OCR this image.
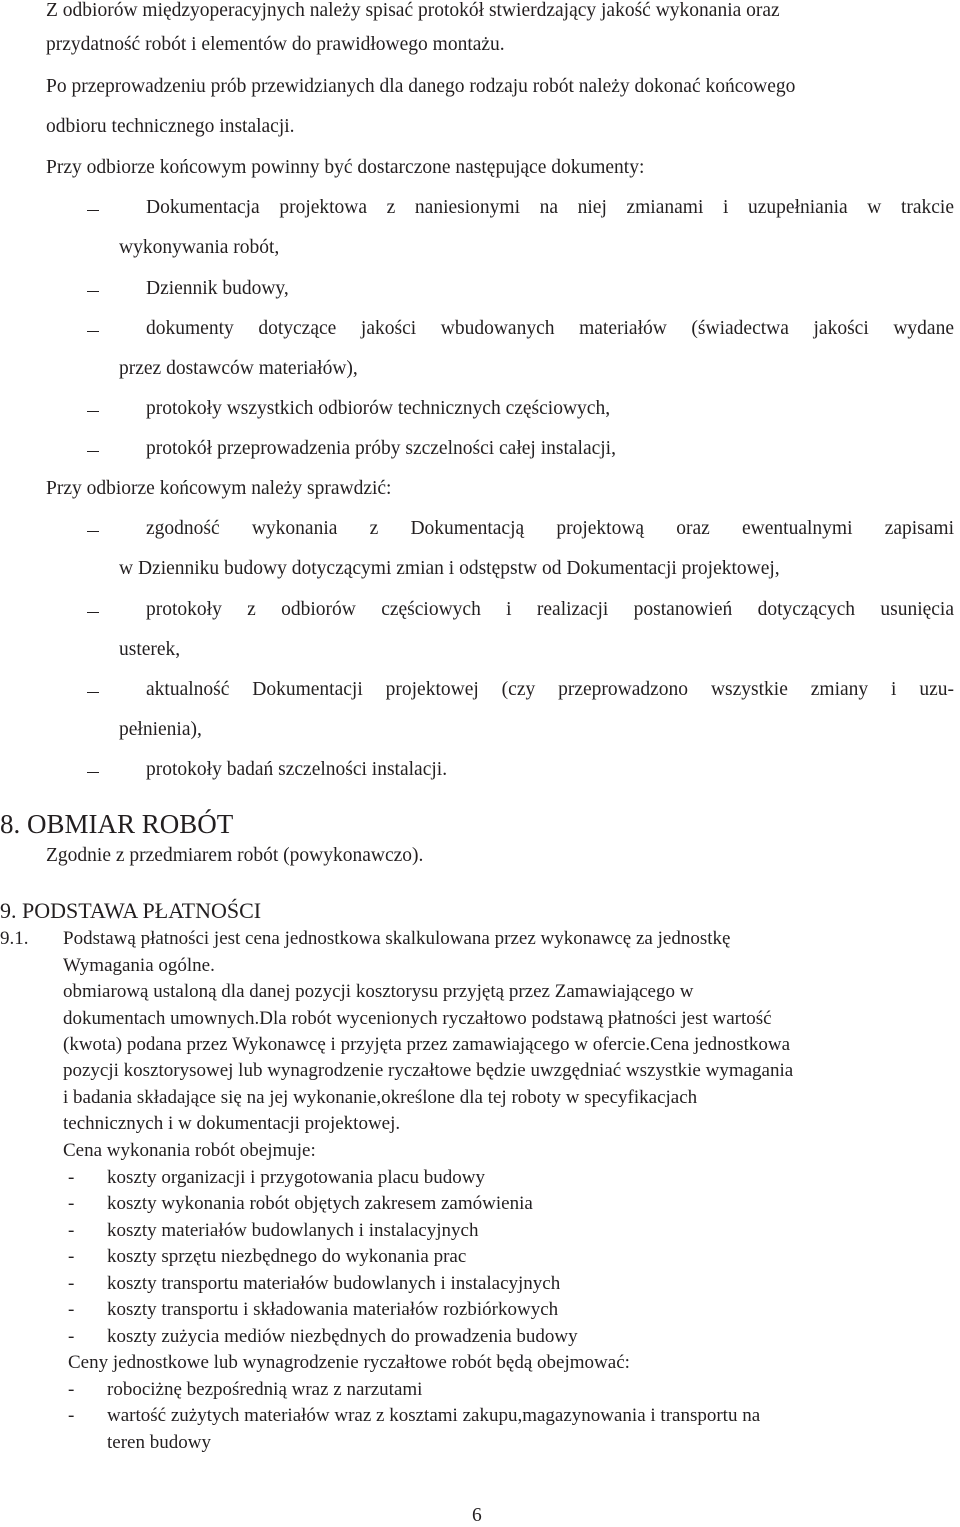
Z odbiorów międzyoperacyjnych należy spisać protokół stwierdzający jakość wykonania oraz
przydatność robót i elementów do prawidłowego montażu.
Po przeprowadzeniu prób przewidzianych dla danego rodzaju robót należy dokonać końcowego
odbioru technicznego instalacji.
Przy odbiorze końcowym powinny być dostarczone następujące dokumenty:
Dokumentacja projektowa z naniesionymi na niej zmianami i uzupełniania w trakcie
wykonywania robót,
Dziennik budowy,
dokumenty dotyczące jakości wbudowanych materiałów (świadectwa jakości wydane
przez dostawców materiałów),
protokoły wszystkich odbiorów technicznych częściowych,
protokół przeprowadzenia próby szczelności całej instalacji,
Przy odbiorze końcowym należy sprawdzić:
zgodność wykonania z Dokumentacją projektową oraz ewentualnymi zapisami
w Dzienniku budowy dotyczącymi zmian i odstępstw od Dokumentacji projektowej,
protokoły z odbiorów częściowych i realizacji postanowień dotyczących usunięcia
usterek,
aktualność Dokumentacji projektowej (czy przeprowadzono wszystkie zmiany i uzu-
pełnienia),
protokoły badań szczelności instalacji.
8. OBMIAR ROBÓT
Zgodnie z przedmiarem robót (powykonawczo).
9. PODSTAWA PŁATNOŚCI
9.1. Podstawą płatności jest cena jednostkowa skalkulowana przez wykonawcę za jednostkę
Wymagania ogólne.
obmiarową ustaloną dla danej pozycji kosztorysu przyjętą przez Zamawiającego w
dokumentach umownych.Dla robót wycenionych ryczałtowo podstawą płatności jest wartość
(kwota) podana przez Wykonawcę i przyjęta przez zamawiającego w ofercie.Cena jednostkowa
pozycji kosztorysowej lub wynagrodzenie ryczałtowe będzie uwzgędniać wszystkie wymagania
i badania składające się na jej wykonanie,określone dla tej roboty w specyfikacjach
technicznych i w dokumentacji projektowej.
Cena wykonania robót obejmuje:
- koszty organizacji i przygotowania placu budowy
- koszty wykonania robót objętych zakresem zamówienia
- koszty materiałów budowlanych i instalacyjnych
- koszty sprzętu niezbędnego do wykonania prac
- koszty transportu materiałów budowlanych i instalacyjnych
- koszty transportu i składowania materiałów rozbiórkowych
- koszty zużycia mediów niezbędnych do prowadzenia budowy
Ceny jednostkowe lub wynagrodzenie ryczałtowe robót będą obejmować:
- robociżnę bezpośrednią wraz z narzutami
- wartość zużytych materiałów wraz z kosztami zakupu,magazynowania i transportu na
teren budowy
6
